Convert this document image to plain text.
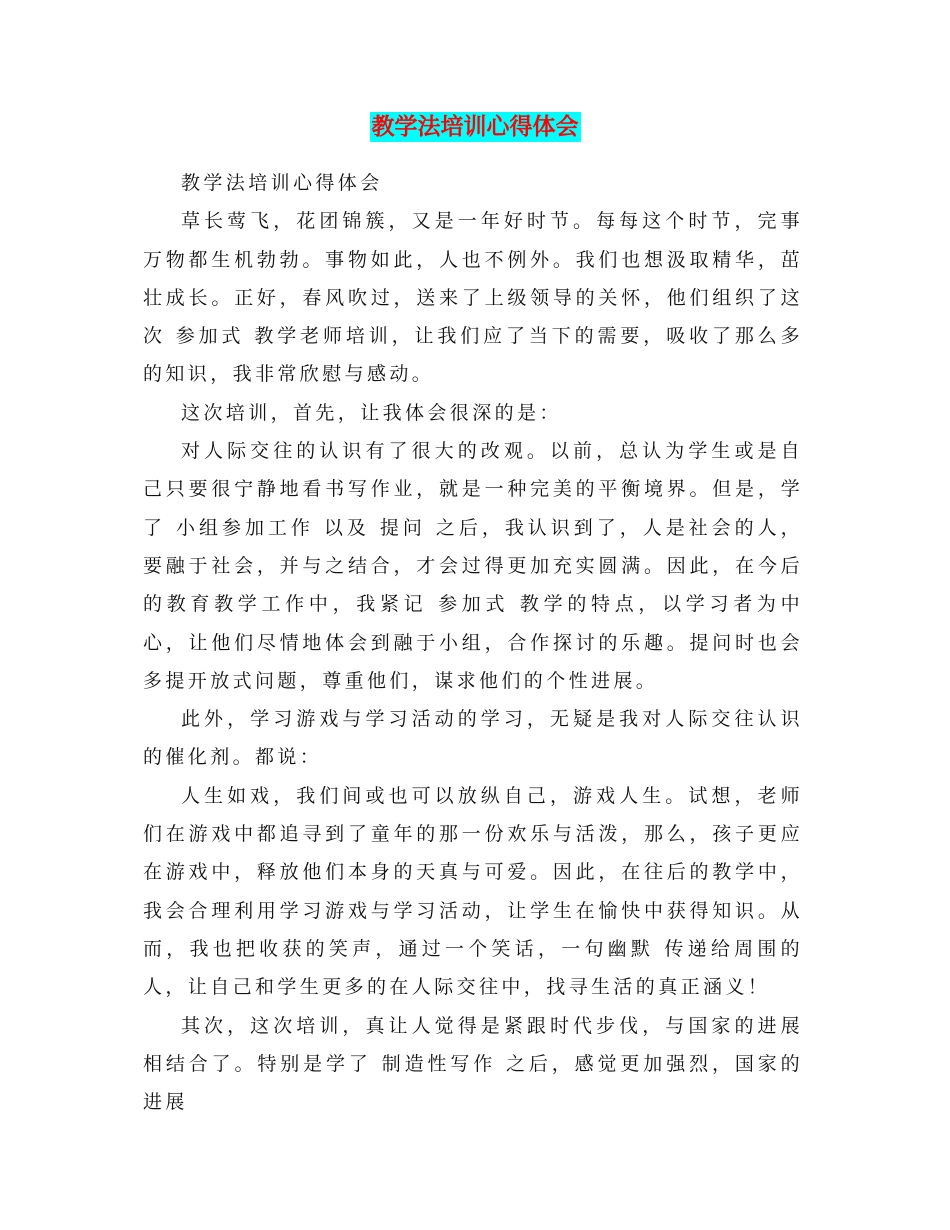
教学法培训心得体会

教学法培训心得体会

草长莺飞，花团锦簇，又是一年好时节。每每这个时节，完事万物都生机勃勃。事物如此，人也不例外。我们也想汲取精华，茁壮成长。正好，春风吹过，送来了上级领导的关怀，他们组织了这次 参加式 教学老师培训，让我们应了当下的需要，吸收了那么多的知识，我非常欣慰与感动。

这次培训，首先，让我体会很深的是：

对人际交往的认识有了很大的改观。以前，总认为学生或是自己只要很宁静地看书写作业，就是一种完美的平衡境界。但是，学了 小组参加工作 以及 提问 之后，我认识到了，人是社会的人，要融于社会，并与之结合，才会过得更加充实圆满。因此，在今后的教育教学工作中，我紧记 参加式 教学的特点，以学习者为中心，让他们尽情地体会到融于小组，合作探讨的乐趣。提问时也会多提开放式问题，尊重他们，谋求他们的个性进展。

此外，学习游戏与学习活动的学习，无疑是我对人际交往认识的催化剂。都说：

人生如戏，我们间或也可以放纵自己，游戏人生。试想，老师们在游戏中都追寻到了童年的那一份欢乐与活泼，那么，孩子更应在游戏中，释放他们本身的天真与可爱。因此，在往后的教学中，我会合理利用学习游戏与学习活动，让学生在愉快中获得知识。从而，我也把收获的笑声，通过一个笑话，一句幽默 传递给周围的人，让自己和学生更多的在人际交往中，找寻生活的真正涵义！

其次，这次培训，真让人觉得是紧跟时代步伐，与国家的进展相结合了。特别是学了 制造性写作 之后，感觉更加强烈，国家的进展
